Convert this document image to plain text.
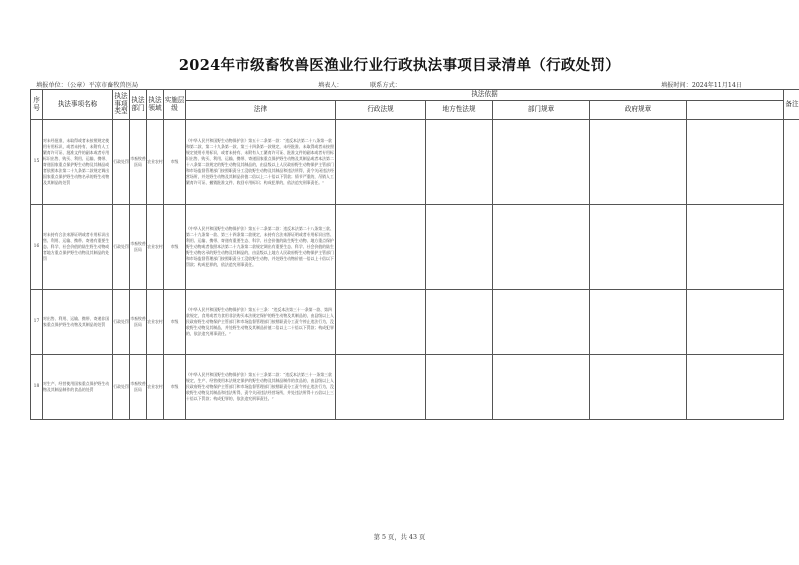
2024年市级畜牧兽医渔业行业行政执法事项目录清单（行政处罚）
填报单位：（公章）平凉市畜牧兽医局	填表人：	联系方式：	填报时间：2024年11月14日
序号	执法事项名称	执法事项类型	执法部门	执法领域	实施层级	执法依据						备注
						法律	行政法规	地方性法规	部门规章	政府规章		
15	对未经批准，未取得或者未按照规定使用专用标识，或者未持有、未附有人工繁育许可证、批准文件的副本或者专用标识出售、购买、利用、运输、携带、寄递国家重点保护野生动物及其制品或者依照本法第二十九条第二款规定调出国家重点保护野生动物名录的野生动物及其制品的处罚	行政处罚	市畜牧兽医局	农业农村	市级	《中华人民共和国野生动物保护法》第五十二条第一款：“违反本法第二十八条第一款和第二款、第二十九条第一款、第三十四条第一款规定，未经批准、未取得或者未按照规定使用专用标识，或者未持有、未附有人工繁育许可证、批准文件的副本或者专用标识出售、购买、利用、运输、携带、寄递国家重点保护野生动物及其制品或者本法第二十八条第二款规定的野生动物及其制品的，由县级以上人民政府野生动物保护主管部门和市场监督管理部门按照职责分工没收野生动物及其制品和违法所得，责令关闭违法经营场所，并处野生动物及其制品价值二倍以上二十倍以下罚款；情节严重的，吊销人工繁育许可证、撤销批准文件、收回专用标识；构成犯罪的，依法追究刑事责任。”						
16	对未持有合法来源证明或者专用标识出售、利用、运输、携带、寄递有重要生态、科学、社会价值的陆生野生动物或者地方重点保护野生动物及其制品的处罚	行政处罚	市畜牧兽医局	农业农村	市级	《中华人民共和国野生动物保护法》第五十二条第二款：违反本法第二十八条第三款、第二十九条第一款、第三十四条第二款规定，未持有合法来源证明或者专用标识出售、利用、运输、携带、寄递有重要生态、科学、社会价值的陆生野生动物、地方重点保护野生动物或者依照本法第二十九条第二款规定调出有重要生态、科学、社会价值的陆生野生动物名录的野生动物及其制品的，由县级以上地方人民政府野生动物保护主管部门和市场监督管理部门按照职责分工没收野生动物，并处野生动物价值一倍以上十倍以下罚款；构成犯罪的，依法追究刑事责任。						
17	对出售、利用、运输、携带、寄递非国家重点保护野生动物及其制品的处罚	行政处罚	市畜牧兽医局	农业农村	市级	《中华人民共和国野生动物保护法》第五十三条：“违反本法第三十一条第一款、第四款规定，食用或者为食用非法购买本法规定保护的野生动物及其制品的，由县级以上人民政府野生动物保护主管部门和市场监督管理部门按照职责分工责令停止违法行为，没收野生动物及其制品，并处野生动物及其制品价值二倍以上二十倍以下罚款；构成犯罪的，依法追究刑事责任。”						
18	对生产、经营使用国家重点保护野生动物及其制品制作的食品的处罚	行政处罚	市畜牧兽医局	农业农村	市级	《中华人民共和国野生动物保护法》第五十三条第二款：“违反本法第三十一条第三款规定，生产、经营使用本法规定保护的野生动物及其制品制作的食品的，由县级以上人民政府野生动物保护主管部门和市场监督管理部门按照职责分工责令停止违法行为，没收野生动物及其制品和违法所得，责令关闭违法经营场所，并处违法所得十五倍以上三十倍以下罚款；构成犯罪的，依法追究刑事责任。”						
第 5 页，共 43 页
